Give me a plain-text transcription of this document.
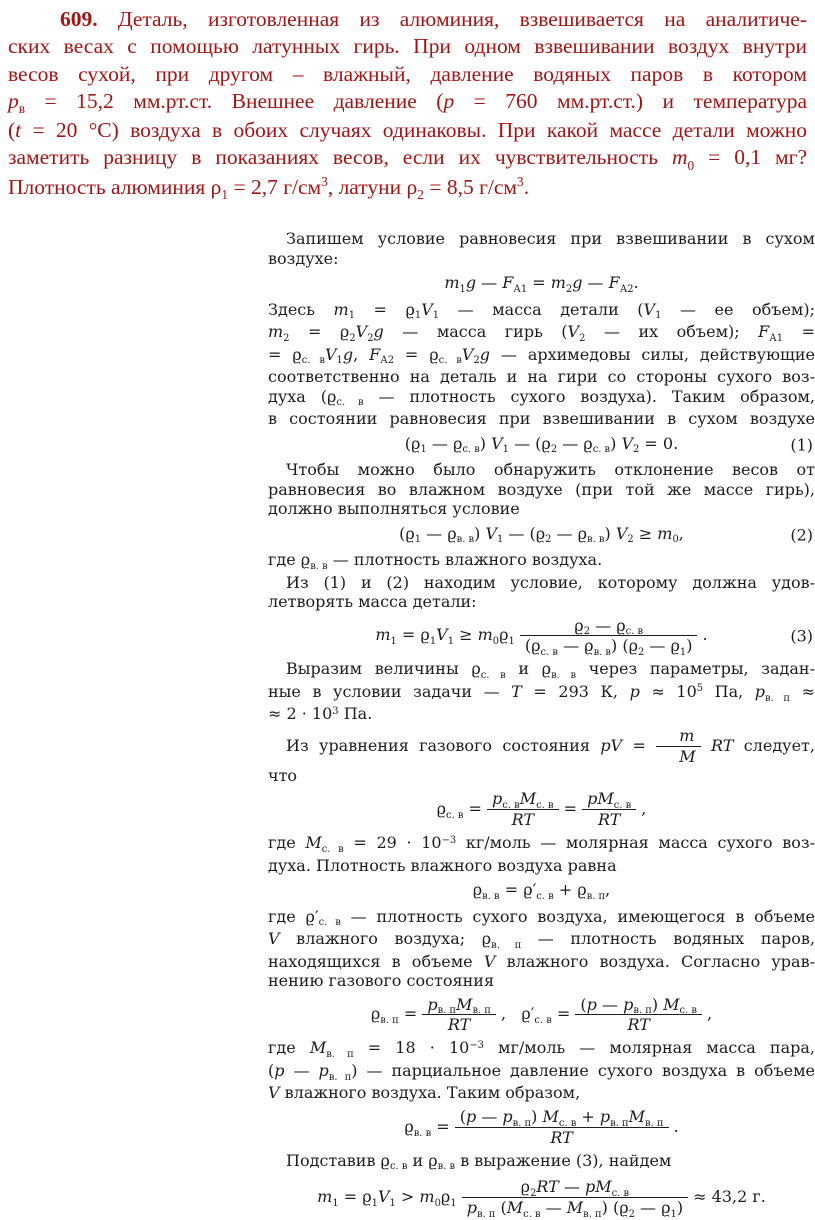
609. Деталь, изготовленная из алюминия, взвешивается на аналитиче-
ских весах с помощью латунных гирь. При одном взвешивании воздух внутри
весов сухой, при другом – влажный, давление водяных паров в котором
$p_в = 15,2$ мм.рт.ст. Внешнее давление (p = 760 мм.рт.ст.) и температура
(t = 20 °С) воздуха в обоих случаях одинаковы. При какой массе детали можно
заметить разницу в показаниях весов, если их чувствительность $m_0 = 0,1$ мг?
Плотность алюминия $\rho_1 = 2,7$ $г/см^3$, латуни $\rho_2 = 8,5$ $г/см^3$.
Запишем условие равновесия при взвешивании в сухом
воздухе:
$m_1g$ — $F_{А1} = m_2g$ — $F_{А2}$.
Здесь $m_1 = ϱ_1V_1$ — масса детали ($V_1$ — ее объем);
$m_2 = ϱ_2V_2g$ — масса гирь ($V_2$ — их объем); $F_{А1}$ =
= $ϱ_{с. в}V_1g$, $F_{А2} = ϱ_{с. в}V_2g$ — архимедовы силы, действующие
соответственно на деталь и на гири со стороны сухого воз-
духа ($ϱ_{с. в}$ — плотность сухого воздуха). Таким образом,
в состоянии равновесия при взвешивании в сухом воздухе
($ϱ_1$ — $ϱ_{с. в}$) $V_1$ — ($ϱ_2$ — $ϱ_{с. в}$) $V_2 = 0$.	(1)
Чтобы можно было обнаружить отклонение весов от
равновесия во влажном воздухе (при той же массе гирь),
должно выполняться условие
($ϱ_1$ — $ϱ_{в. в}$) $V_1$ — ($ϱ_2$ — $ϱ_{в. в}$) $V_2 \ge m_0$,	(2)
где $ϱ_{в. в}$ — плотность влажного воздуха.
Из (1) и (2) находим условие, которому должна удов-
летворять масса детали:
$m_1 = ϱ_1V_1 \ge m_0ϱ_1$
$ϱ_2$ — $ϱ_{с. в}$
($ϱ_{с. в}$ — $ϱ_{в. в}$) ($ϱ_2$ — $ϱ_1$)
.	(3)
Выразим величины $ϱ_{с. в}$ и $ϱ_{в. в}$ через параметры, задан-
ные в условии задачи — T = 293 К, $p \approx 10^5$ Па, $p_{в. п}$ ≈
≈ $2 \cdot 10^3$ Па.
Из уравнения газового состояния pV = $\frac{m}{M}$ RT следует,
что
$ϱ_{с. в}$ =
$p_{с. в}M_{с. в}$
RT
=
$pM_{с. в}$
RT
,
где $M_{с. в} = 29 \cdot 10^{-3}$ кг/моль — молярная масса сухого воз-
духа. Плотность влажного воздуха равна
$ϱ_{в. в} = ϱ'_{с. в} + ϱ_{в. п}$,
где $ϱ'_{с. в}$ — плотность сухого воздуха, имеющегося в объеме
V влажного воздуха; $ϱ_{в. п}$ — плотность водяных паров,
находящихся в объеме V влажного воздуха. Согласно урав-
нению газового состояния
$ϱ_{в. п}$ =
$p_{в. п}M_{в. п}$
RT
,   $ϱ'_{с. в}$ =
(p — $p_{в. п}$) $M_{с. в}$
RT
,
где $M_{в. п} = 18 \cdot 10^{-3}$ мг/моль — молярная масса пара,
(p — $p_{в. п}$) — парциальное давление сухого воздуха в объеме
V влажного воздуха. Таким образом,
$ϱ_{в. в}$ =
(p — $p_{в. п}$) $M_{с. в} + p_{в. п}M_{в. п}$
RT
.
Подставив $ϱ_{с. в}$ и $ϱ_{в. в}$ в выражение (3), найдем
$m_1 = ϱ_1V_1 > m_0ϱ_1$
$ϱ_2RT$ — $pM_{с. в}$
$p_{в. п}$ ($M_{с. в}$ — $M_{в. п}$) ($ϱ_2$ — $ϱ_1$)
≈ 43,2 г.
